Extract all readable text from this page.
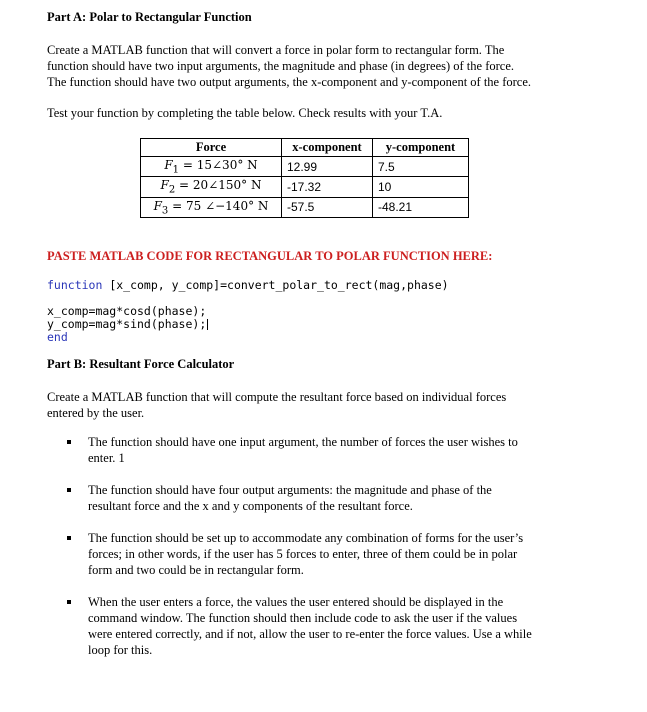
Part A: Polar to Rectangular Function

Create a MATLAB function that will convert a force in polar form to rectangular form. The

function should have two input arguments, the magnitude and phase (in degrees) of the force.

The function should have two output arguments, the x-component and y-component of the force.

Test your function by completing the table below. Check results with your T.A.
Force	x-component	y-component
$F_1$ = 15∠30° N	12.99	7.5
$F_2$ = 20∠150° N	-17.32	10
$F_3 = 75$ ∠−140° N	-57.5	-48.21
PASTE MATLAB CODE FOR RECTANGULAR TO POLAR FUNCTION HERE:
function [x_comp, y_comp]=convert_polar_to_rect(mag,phase)
x_comp=mag*cosd(phase);
y_comp=mag*sind(phase);
end
Part B: Resultant Force Calculator

Create a MATLAB function that will compute the resultant force based on individual forces

entered by the user.

The function should have one input argument, the number of forces the user wishes to
enter. 1
The function should have four output arguments: the magnitude and phase of the
resultant force and the x and y components of the resultant force.
The function should be set up to accommodate any combination of forms for the user’s
forces; in other words, if the user has 5 forces to enter, three of them could be in polar
form and two could be in rectangular form.
When the user enters a force, the values the user entered should be displayed in the
command window. The function should then include code to ask the user if the values
were entered correctly, and if not, allow the user to re-enter the force values. Use a while
loop for this.
